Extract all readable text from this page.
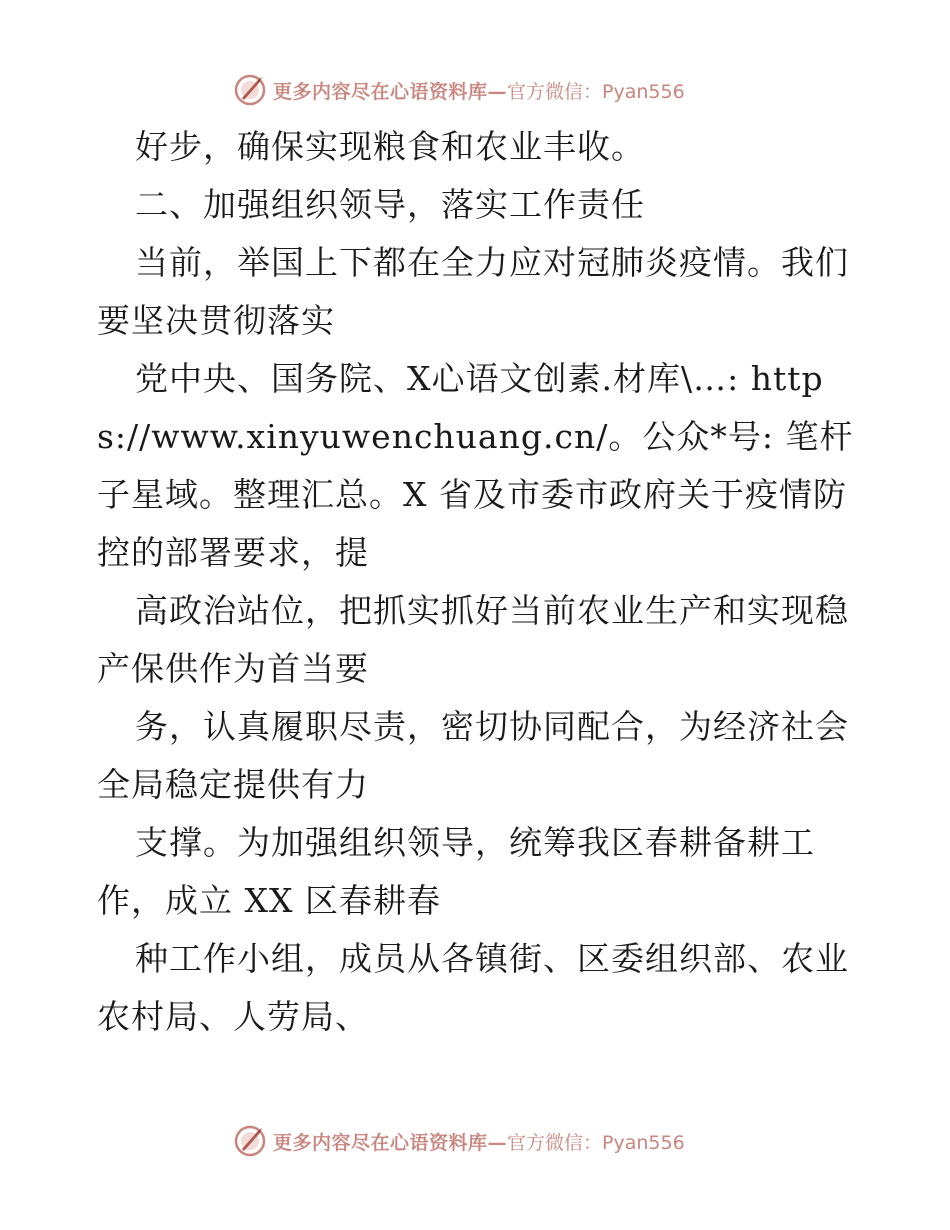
更多内容尽在心语资料库— 官方微信：Pyan556

好步，确保实现粮食和农业丰收。

二、加强组织领导，落实工作责任

当前，举国上下都在全力应对冠肺炎疫情。我们要坚决贯彻落实

党中央、国务院、X心语文创素.材库\…: https://www.xinyuwenchuang.cn/。公众*号: 笔杆子星域。整理汇总。X 省及市委市政府关于疫情防控的部署要求，提

高政治站位，把抓实抓好当前农业生产和实现稳产保供作为首当要

务，认真履职尽责，密切协同配合，为经济社会全局稳定提供有力

支撑。为加强组织领导，统筹我区春耕备耕工作，成立 XX 区春耕春

种工作小组，成员从各镇街、区委组织部、农业农村局、人劳局、

更多内容尽在心语资料库— 官方微信：Pyan556
